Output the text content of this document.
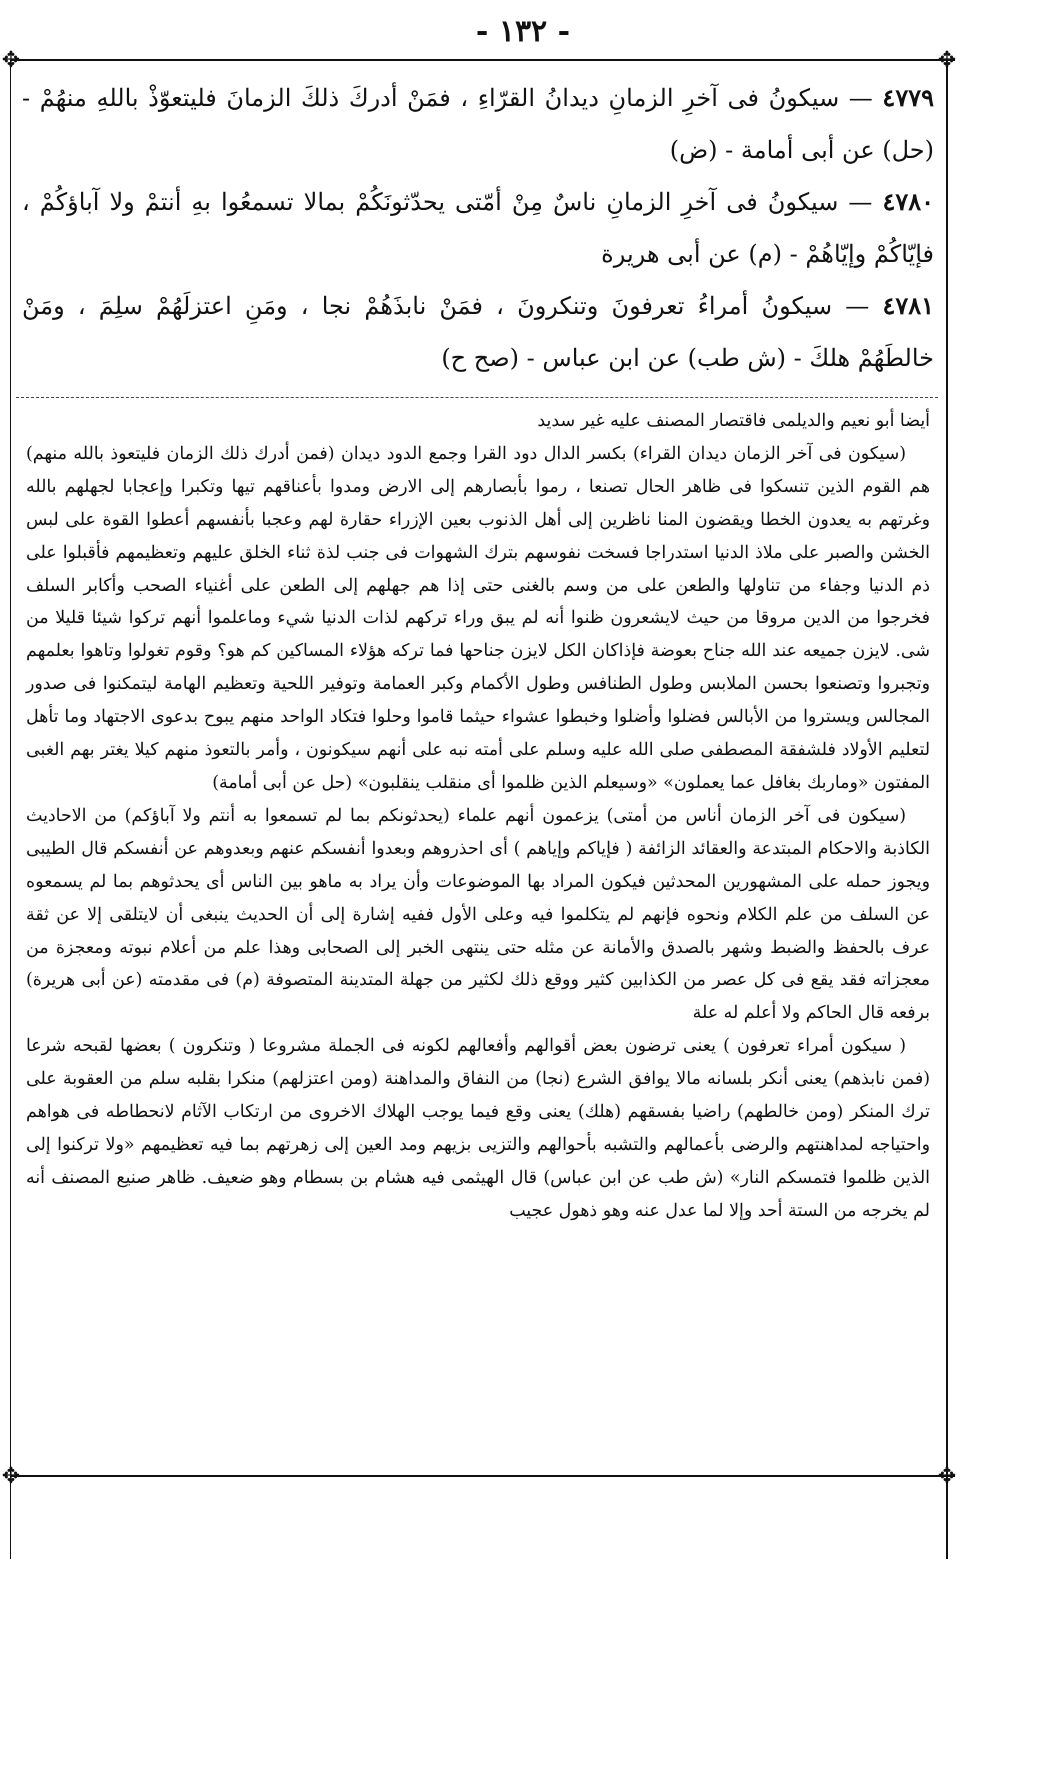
- ١٣٢ -
✥	✥
✥	✥

٤٧٧٩ — سيكونُ فى آخرِ الزمانِ ديدانُ القرّاءِ ، فمَنْ أدركَ ذلكَ الزمانَ فليتعوّذْ باللهِ منهُمْ - (حل) عن أبى أمامة - (ض)

٤٧٨٠ — سيكونُ فى آخرِ الزمانِ ناسٌ مِنْ أمّتى يحدّثونَكُمْ بمالا تسمعُوا بهِ أنتمْ ولا آباؤكُمْ ، فإيّاكُمْ وإيّاهُمْ - (م) عن أبى هريرة

٤٧٨١ — سيكونُ أمراءُ تعرفونَ وتنكرونَ ، فمَنْ نابذَهُمْ نجا ، ومَنِ اعتزلَهُمْ سلِمَ ، ومَنْ خالطَهُمْ هلكَ - (ش طب) عن ابن عباس - (صح ح)

أيضا أبو نعيم والديلمى فاقتصار المصنف عليه غير سديد

(سيكون فى آخر الزمان ديدان القراء) بكسر الدال دود القرا وجمع الدود ديدان (فمن أدرك ذلك الزمان فليتعوذ بالله منهم) هم القوم الذين تنسكوا فى ظاهر الحال تصنعا ، رموا بأبصارهم إلى الارض ومدوا بأعناقهم تيها وتكبرا وإعجابا لجهلهم بالله وغرتهم به يعدون الخطا ويقضون المنا ناظرين إلى أهل الذنوب بعين الإزراء حقارة لهم وعجبا بأنفسهم أعطوا القوة على لبس الخشن والصبر على ملاذ الدنيا استدراجا فسخت نفوسهم بترك الشهوات فى جنب لذة ثناء الخلق عليهم وتعظيمهم فأقبلوا على ذم الدنيا وجفاء من تناولها والطعن على من وسم بالغنى حتى إذا هم جهلهم إلى الطعن على أغنياء الصحب وأكابر السلف فخرجوا من الدين مروقا من حيث لايشعرون ظنوا أنه لم يبق وراء تركهم لذات الدنيا شيء وماعلموا أنهم تركوا شيئا قليلا من شى. لايزن جميعه عند الله جناح بعوضة فإذاكان الكل لايزن جناحها فما تركه هؤلاء المساكين كم هو؟ وقوم تغولوا وتاهوا بعلمهم وتجبروا وتصنعوا بحسن الملابس وطول الطنافس وطول الأكمام وكبر العمامة وتوفير اللحية وتعظيم الهامة ليتمكنوا فى صدور المجالس ويستروا من الأبالس فضلوا وأضلوا وخبطوا عشواء حيثما قاموا وحلوا فتكاد الواحد منهم يبوح بدعوى الاجتهاد وما تأهل لتعليم الأولاد فلشفقة المصطفى صلى الله عليه وسلم على أمته نبه على أنهم سيكونون ، وأمر بالتعوذ منهم كيلا يغتر بهم الغبى المفتون «وماربك بغافل عما يعملون» «وسيعلم الذين ظلموا أى منقلب ينقلبون» (حل عن أبى أمامة)

(سيكون فى آخر الزمان أناس من أمتى) يزعمون أنهم علماء (يحدثونكم بما لم تسمعوا به أنتم ولا آباؤكم) من الاحاديث الكاذبة والاحكام المبتدعة والعقائد الزائفة ( فإياكم وإياهم ) أى احذروهم وبعدوا أنفسكم عنهم وبعدوهم عن أنفسكم قال الطيبى ويجوز حمله على المشهورين المحدثين فيكون المراد بها الموضوعات وأن يراد به ماهو بين الناس أى يحدثوهم بما لم يسمعوه عن السلف من علم الكلام ونحوه فإنهم لم يتكلموا فيه وعلى الأول ففيه إشارة إلى أن الحديث ينبغى أن لايتلقى إلا عن ثقة عرف بالحفظ والضبط وشهر بالصدق والأمانة عن مثله حتى ينتهى الخبر إلى الصحابى وهذا علم من أعلام نبوته ومعجزة من معجزاته فقد يقع فى كل عصر من الكذابين كثير ووقع ذلك لكثير من جهلة المتدينة المتصوفة (م) فى مقدمته (عن أبى هريرة) برفعه قال الحاكم ولا أعلم له علة

( سيكون أمراء تعرفون ) يعنى ترضون بعض أقوالهم وأفعالهم لكونه فى الجملة مشروعا ( وتنكرون ) بعضها لقبحه شرعا (فمن نابذهم) يعنى أنكر بلسانه مالا يوافق الشرع (نجا) من النفاق والمداهنة (ومن اعتزلهم) منكرا بقلبه سلم من العقوبة على ترك المنكر (ومن خالطهم) راضيا بفسقهم (هلك) يعنى وقع فيما يوجب الهلاك الاخروى من ارتكاب الآثام لانحطاطه فى هواهم واحتياجه لمداهنتهم والرضى بأعمالهم والتشبه بأحوالهم والتزيى بزيهم ومد العين إلى زهرتهم بما فيه تعظيمهم «ولا تركنوا إلى الذين ظلموا فتمسكم النار» (ش طب عن ابن عباس) قال الهيثمى فيه هشام بن بسطام وهو ضعيف. ظاهر صنيع المصنف أنه لم يخرجه من الستة أحد وإلا لما عدل عنه وهو ذهول عجيب
